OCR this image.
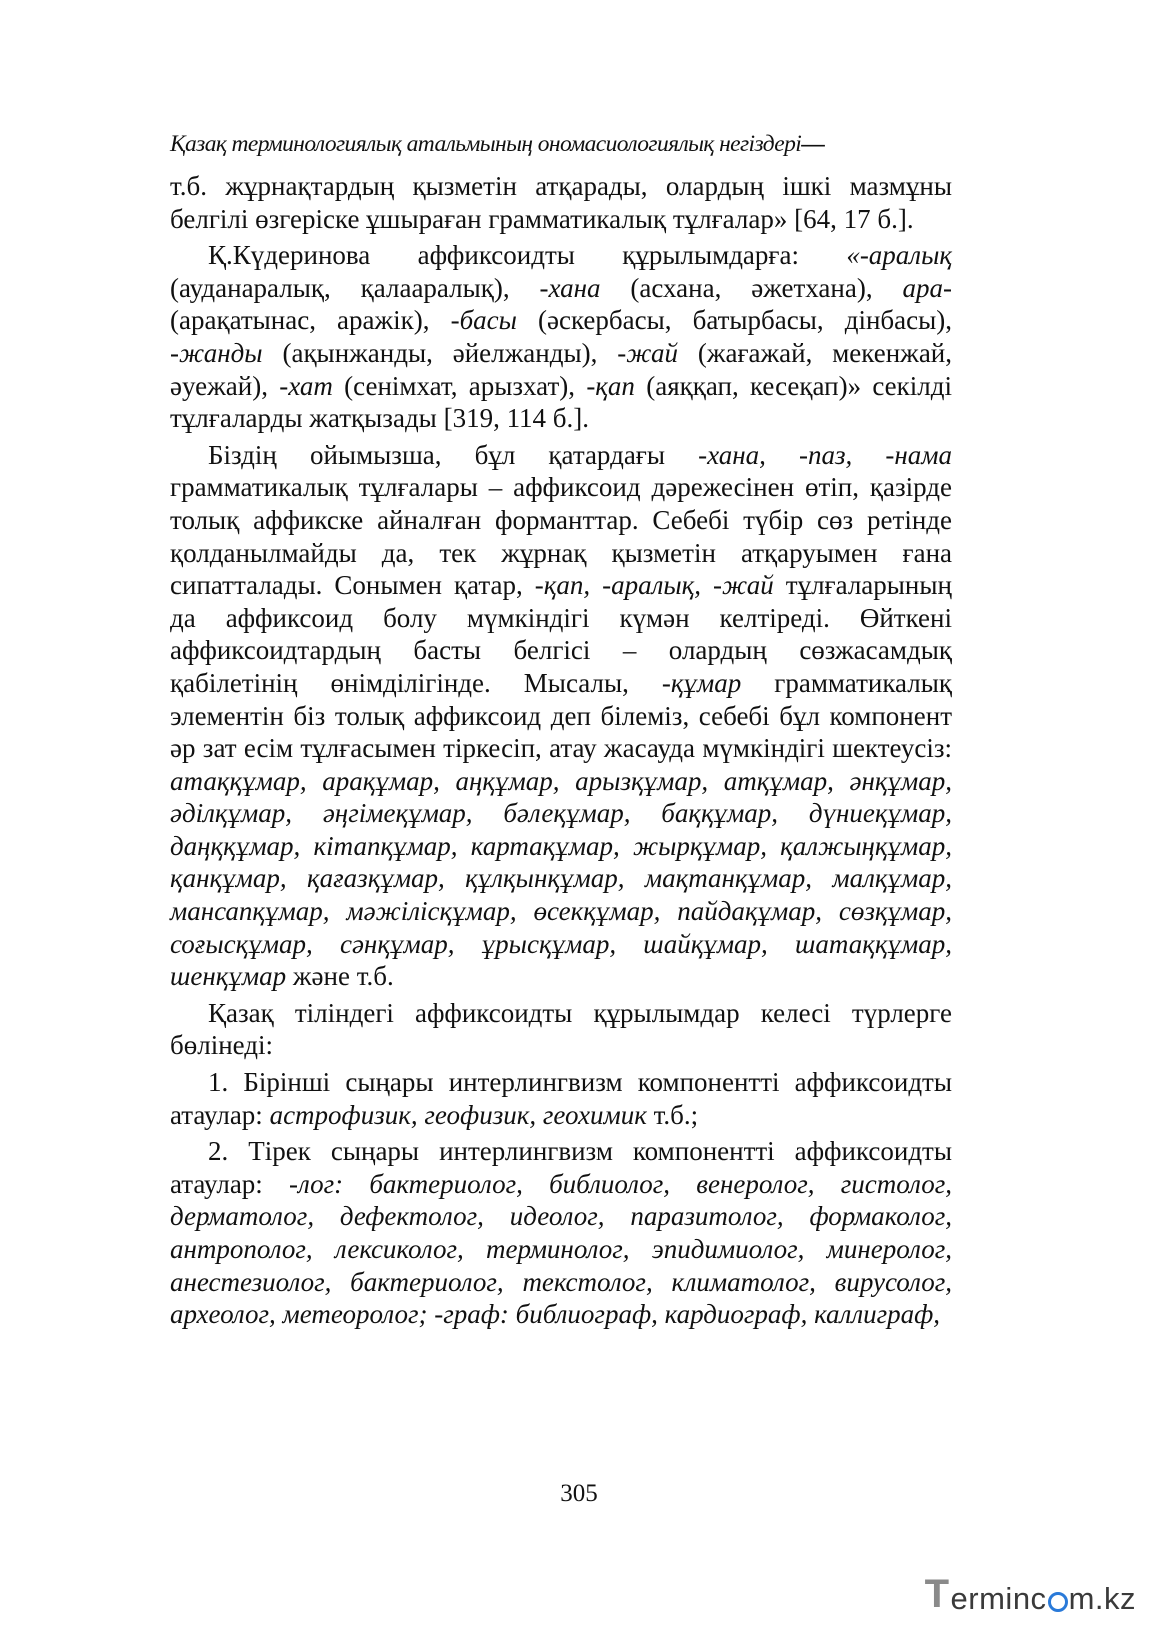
Қазақ терминологиялық атальмының ономасиологиялық негіздері—

т.б. жұрнақтардың қызметін атқарады, олардың ішкі мазмұны белгілі өзгеріске ұшыраған грамматикалық тұлғалар» [64, 17 б.].

Қ.Күдеринова аффиксоидты құрылымдарға: «-аралық (ауданаралық, қалааралық), -хана (асхана, әжетхана), ара- (арақатынас, аражік), -басы (әскербасы, батырбасы, дінбасы), -жанды (ақынжанды, әйелжанды), -жай (жағажай, мекенжай, әуежай), -хат (сенімхат, арызхат), -қап (аяққап, кесеқап)» секілді тұлғаларды жатқызады [319, 114 б.].

Біздің ойымызша, бұл қатардағы -хана, -паз, -нама грамматикалық тұлғалары – аффиксоид дәрежесінен өтіп, қазірде толық аффикске айналған форманттар. Себебі түбір сөз ретінде қолданылмайды да, тек жұрнақ қызметін атқаруымен ғана сипатталады. Сонымен қатар, -қап, -аралық, -жай тұлғаларының да аффиксоид болу мүмкіндігі күмән келтіреді. Өйткені аффиксоидтардың басты белгісі – олардың сөзжасамдық қабілетінің өнімділігінде. Мысалы, -құмар грамматикалық элементін біз толық аффиксоид деп білеміз, себебі бұл компонент әр зат есім тұлғасымен тіркесіп, атау жасауда мүмкіндігі шектеусіз: атаққұмар, арақұмар, аңқұмар, арызқұмар, атқұмар, әнқұмар, әділқұмар, әңгімеқұмар, бәлеқұмар, баққұмар, дүниеқұмар, даңққұмар, кітапқұмар, картақұмар, жырқұмар, қалжыңқұмар, қанқұмар, қағазқұмар, құлқынқұмар, мақтанқұмар, малқұмар, мансапқұмар, мәжілісқұмар, өсекқұмар, пайдақұмар, сөзқұмар, соғысқұмар, сәнқұмар, ұрысқұмар, шайқұмар, шатаққұмар, шенқұмар және т.б.

Қазақ тіліндегі аффиксоидты құрылымдар келесі түрлерге бөлінеді:

1. Бірінші сыңары интерлингвизм компонентті аффиксоидты атаулар: астрофизик, геофизик, геохимик т.б.;

2. Тірек сыңары интерлингвизм компонентті аффиксоидты атаулар: -лог: бактериолог, библиолог, венеролог, гистолог, дерматолог, дефектолог, идеолог, паразитолог, формаколог, антрополог, лексиколог, терминолог, эпидимиолог, минеролог, анестезиолог, бактериолог, текстолог, климатолог, вирусолог, археолог, метеоролог; -граф: библиограф, кардиограф, каллиграф,

305
T erminc m.kz
